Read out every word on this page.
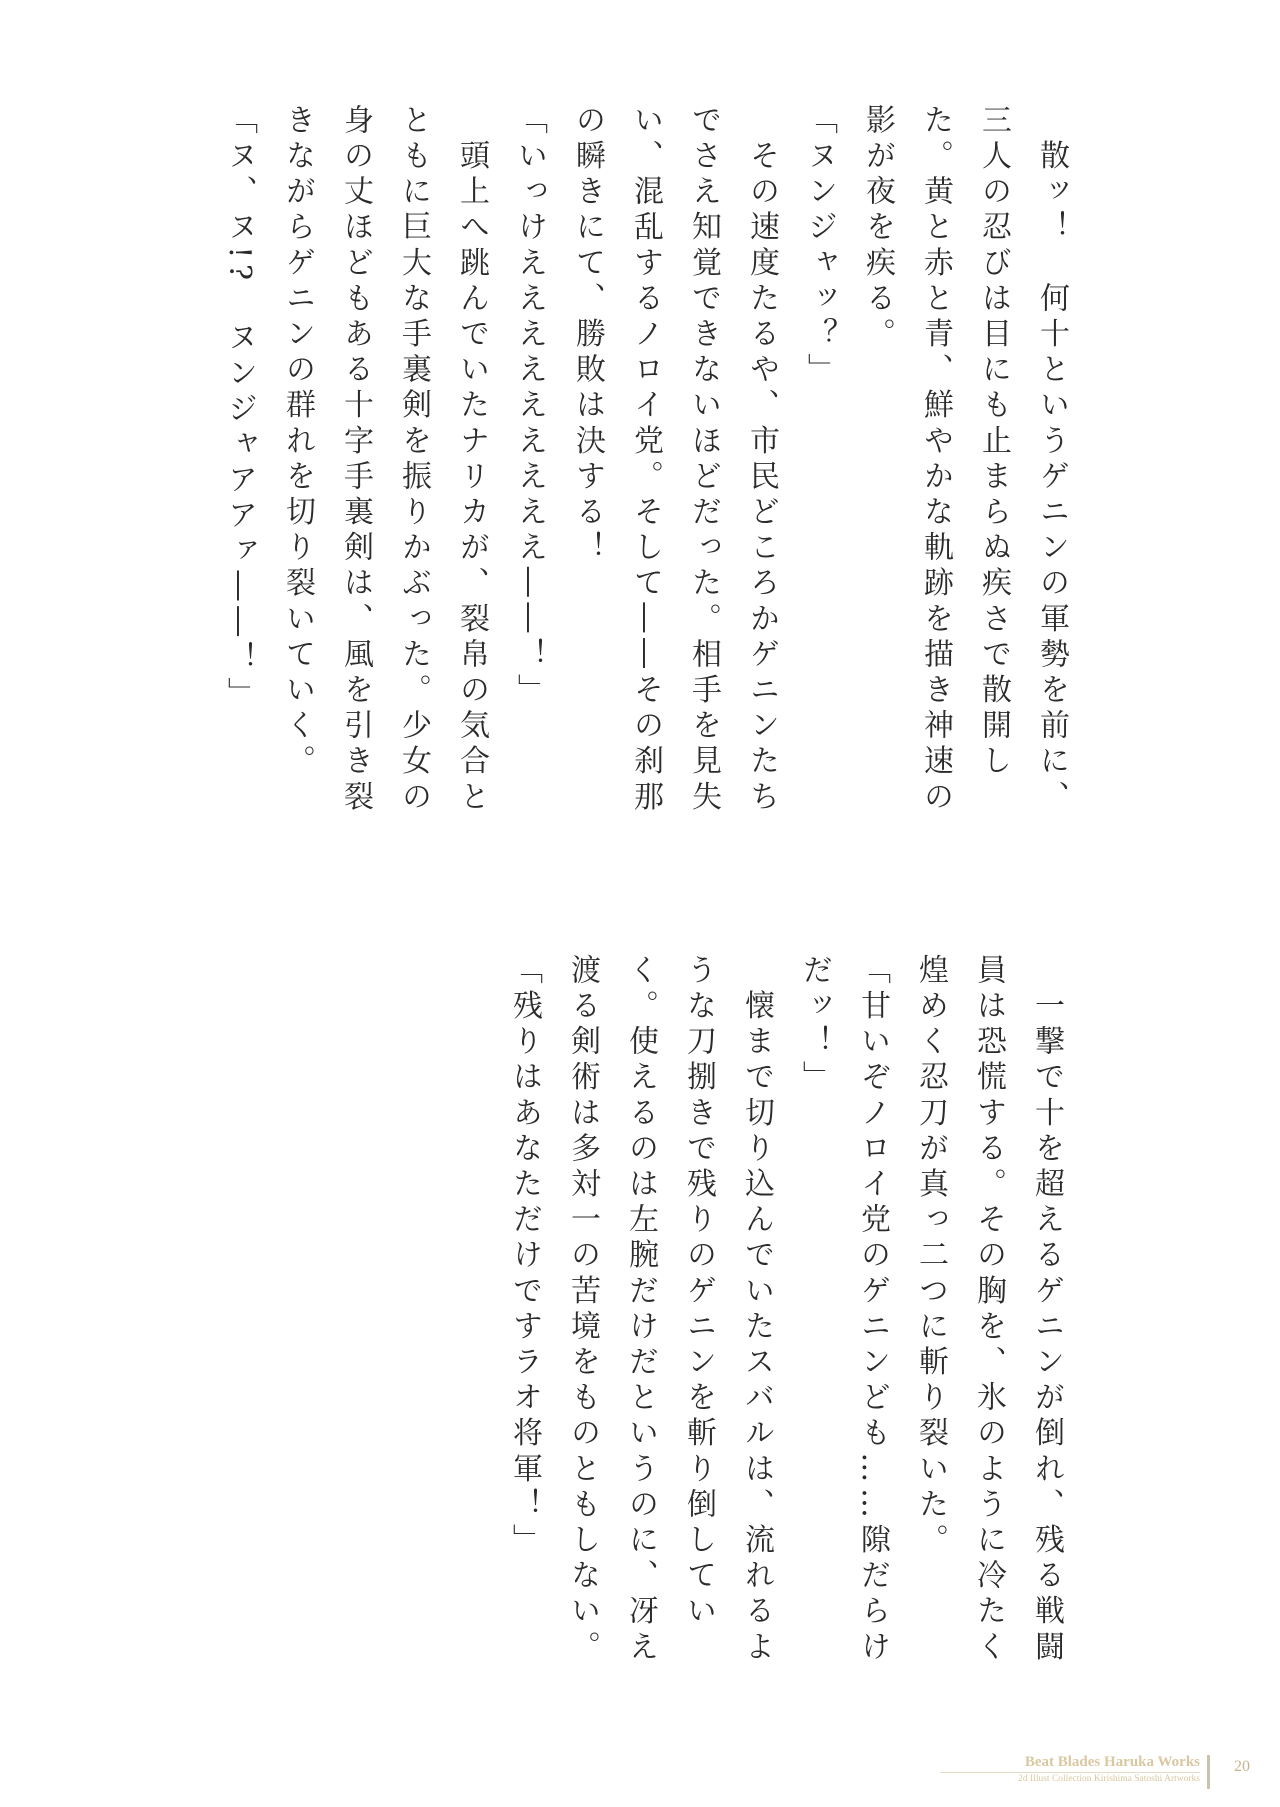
　散ッ！　何十というゲニンの軍勢を前に、

三人の忍びは目にも止まらぬ疾さで散開し

た。黄と赤と青、鮮やかな軌跡を描き神速の

影が夜を疾る。

「ヌンジャッ？」

　その速度たるや、市民どころかゲニンたち

でさえ知覚できないほどだった。相手を見失

い、混乱するノロイ党。そして――その刹那

の瞬きにて、勝敗は決する！

「いっけえええええええええ――！」

　頭上へ跳んでいたナリカが、裂帛の気合と

ともに巨大な手裏剣を振りかぶった。少女の

身の丈ほどもある十字手裏剣は、風を引き裂

きながらゲニンの群れを切り裂いていく。

「ヌ、ヌ!?　ヌンジャアアァ――！」

　一撃で十を超えるゲニンが倒れ、残る戦闘

員は恐慌する。その胸を、氷のように冷たく

煌めく忍刀が真っ二つに斬り裂いた。

「甘いぞノロイ党のゲニンども……隙だらけ

だッ！」

　懐まで切り込んでいたスバルは、流れるよ

うな刀捌きで残りのゲニンを斬り倒してい

く。使えるのは左腕だけだというのに、冴え

渡る剣術は多対一の苦境をものともしない。

「残りはあなただけですラオ将軍！」

Beat Blades Haruka Works
2d Illust Collection Kirishima Satoshi Artworks
20
